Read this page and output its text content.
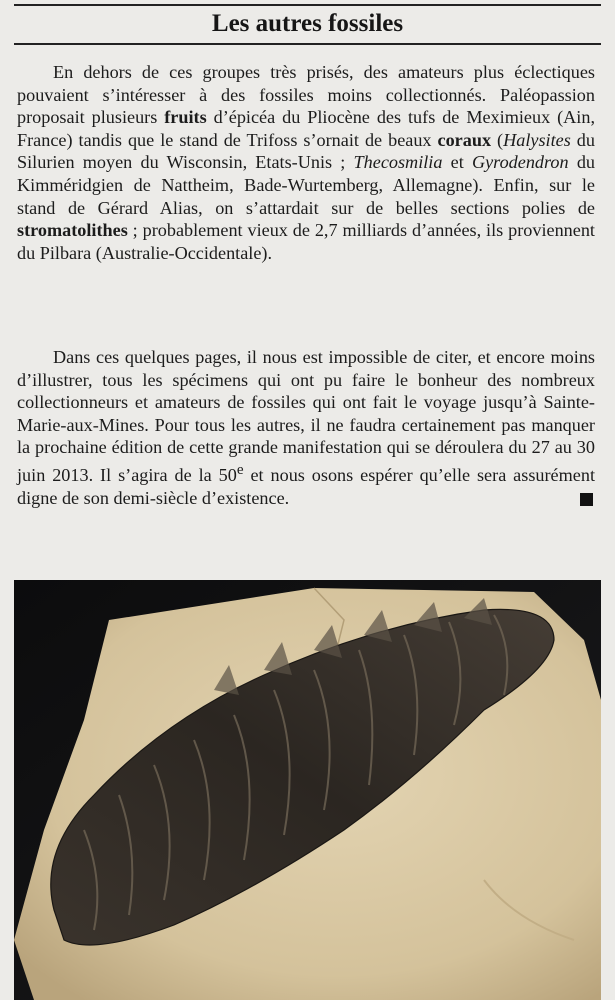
Les autres fossiles

En dehors de ces groupes très prisés, des amateurs plus éclectiques pouvaient s’intéresser à des fossiles moins collectionnés. Paléopassion proposait plusieurs fruits d’épicéa du Pliocène des tufs de Meximieux (Ain, France) tandis que le stand de Trifoss s’ornait de beaux coraux (Halysites du Silurien moyen du Wisconsin, Etats-Unis ; Thecosmilia et Gyrodendron du Kimméridgien de Nattheim, Bade-Wurtemberg, Allemagne). Enfin, sur le stand de Gérard Alias, on s’attardait sur de belles sections polies de stromatolithes ; probablement vieux de 2,7 milliards d’années, ils proviennent du Pilbara (Australie-Occidentale).

Dans ces quelques pages, il nous est impossible de citer, et encore moins d’illustrer, tous les spécimens qui ont pu faire le bonheur des nombreux collectionneurs et amateurs de fossiles qui ont fait le voyage jusqu’à Sainte-Marie-aux-Mines. Pour tous les autres, il ne faudra certainement pas manquer la prochaine édition de cette grande manifestation qui se déroulera du 27 au 30 juin 2013. Il s’agira de la 50e et nous osons espérer qu’elle sera assurément digne de son demi-siècle d’existence.
